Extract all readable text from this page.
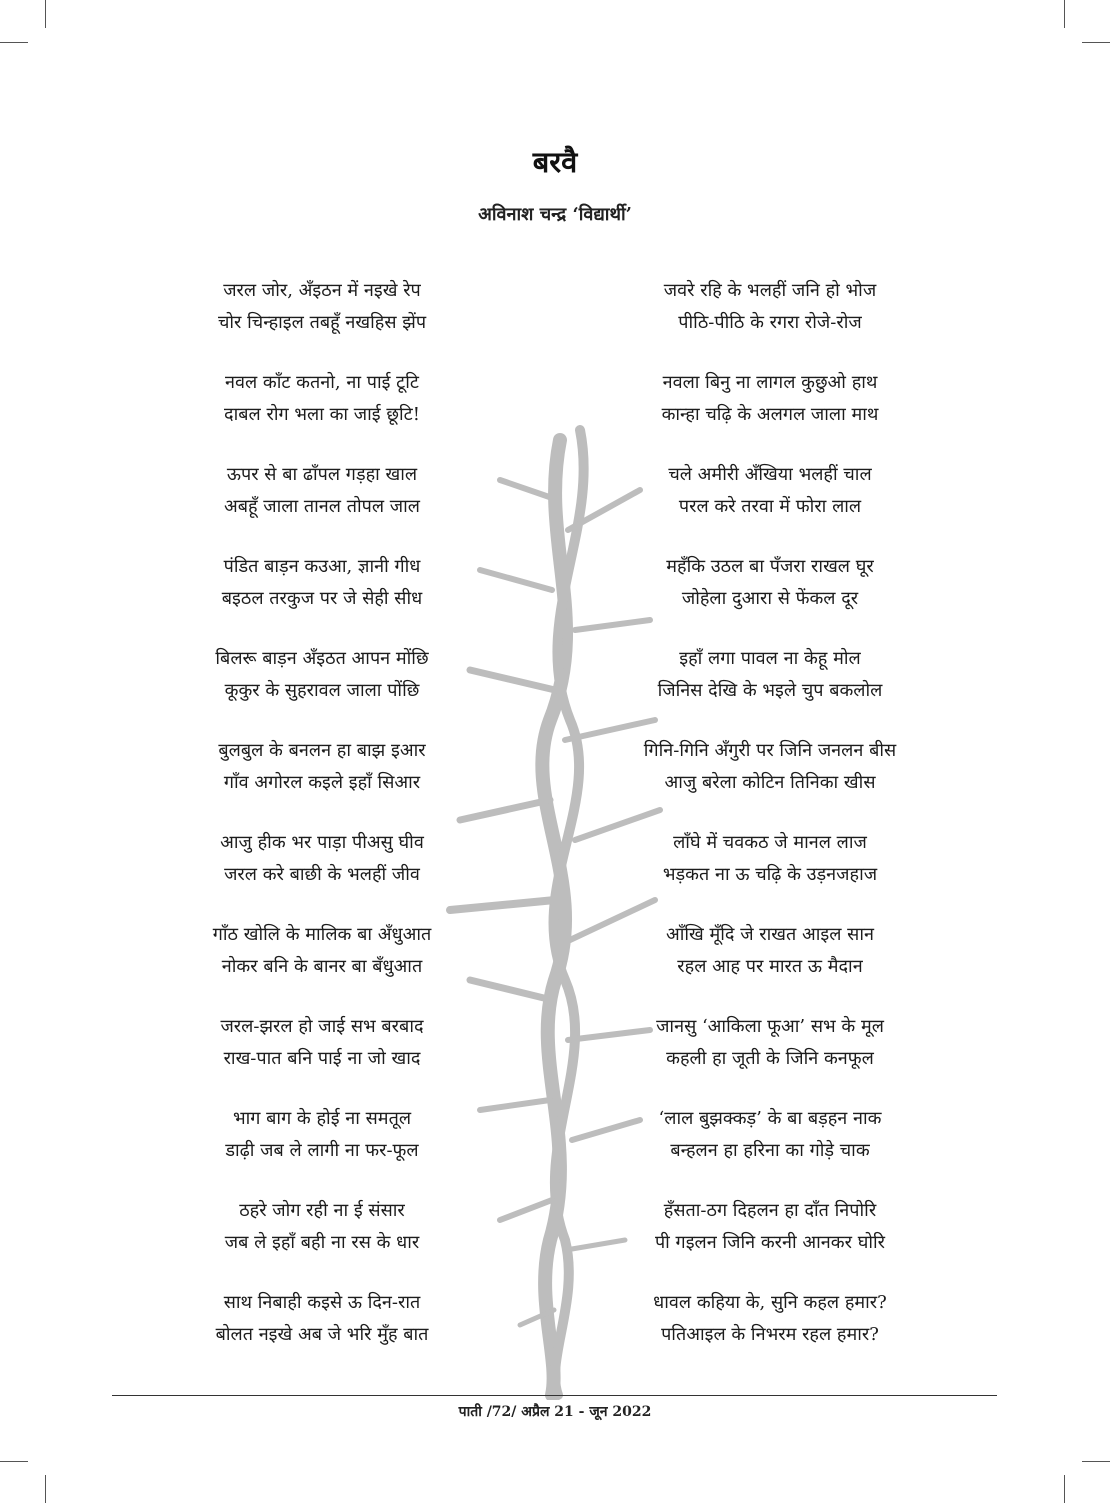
बरवै
अविनाश चन्द्र ‘विद्यार्थी’
जरल जोर, अँइठन में नइखे रेप
चोर चिन्हाइल तबहूँ नखहिस झेंप
नवल काँट कतनो, ना पाई टूटि
दाबल रोग भला का जाई छूटि!
ऊपर से बा ढाँपल गड़हा खाल
अबहूँ जाला तानल तोपल जाल
पंडित बाड़न कउआ, ज्ञानी गीध
बइठल तरकुज पर जे सेही सीध
बिलरू बाड़न अँइठत आपन मोंछि
कूकुर के सुहरावल जाला पोंछि
बुलबुल के बनलन हा बाझ इआर
गाँव अगोरल कइले इहाँ सिआर
आजु हीक भर पाड़ा पीअसु घीव
जरल करे बाछी के भलहीं जीव
गाँठ खोलि के मालिक बा अँधुआत
नोकर बनि के बानर बा बँधुआत
जरल-झरल हो जाई सभ बरबाद
राख-पात बनि पाई ना जो खाद
भाग बाग के होई ना समतूल
डाढ़ी जब ले लागी ना फर-फूल
ठहरे जोग रही ना ई संसार
जब ले इहाँ बही ना रस के धार
साथ निबाही कइसे ऊ दिन-रात
बोलत नइखे अब जे भरि मुँह बात
जवरे रहि के भलहीं जनि हो भोज
पीठि-पीठि के रगरा रोजे-रोज
नवला बिनु ना लागल कुछुओ हाथ
कान्हा चढ़ि के अलगल जाला माथ
चले अमीरी अँखिया भलहीं चाल
परल करे तरवा में फोरा लाल
महँकि उठल बा पँजरा राखल घूर
जोहेला दुआरा से फेंकल दूर
इहाँ लगा पावल ना केहू मोल
जिनिस देखि के भइले चुप बकलोल
गिनि-गिनि अँगुरी पर जिनि जनलन बीस
आजु बरेला कोटिन तिनिका खीस
लाँघे में चवकठ जे मानल लाज
भड़कत ना ऊ चढ़ि के उड़नजहाज
आँखि मूँदि जे राखत आइल सान
रहल आह पर मारत ऊ मैदान
जानसु ‘आकिला फूआ’ सभ के मूल
कहली हा जूती के जिनि कनफूल
‘लाल बुझक्कड़’ के बा बड़हन नाक
बन्हलन हा हरिना का गोड़े चाक
हँसता-ठग दिहलन हा दाँत निपोरि
पी गइलन जिनि करनी आनकर घोरि
धावल कहिया के, सुनि कहल हमार?
पतिआइल के निभरम रहल हमार?
पाती /72/ अप्रैल 21 - जून 2022
